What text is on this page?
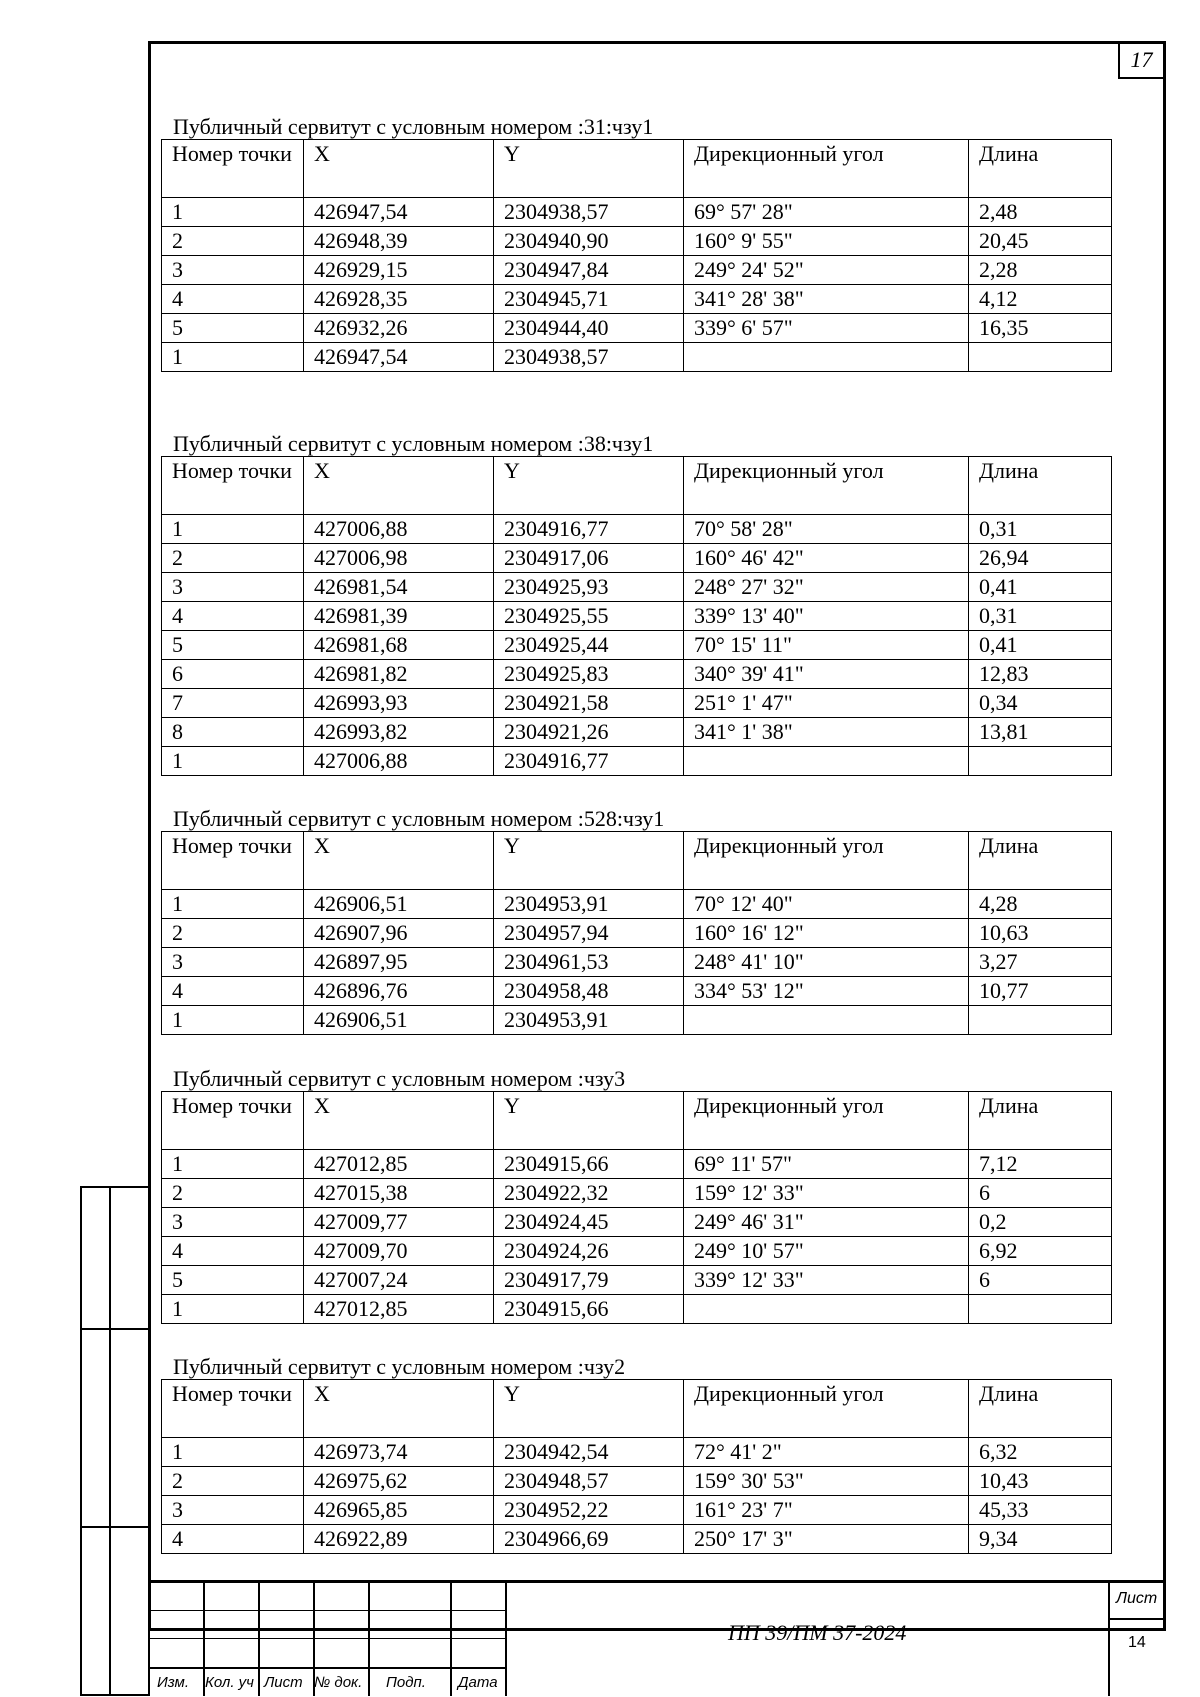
17
Публичный сервитут с условным номером :31:чзу1
Номер точки	X	Y	Дирекционный угол	Длина
1	426947,54	2304938,57	69° 57' 28"	2,48
2	426948,39	2304940,90	160° 9' 55"	20,45
3	426929,15	2304947,84	249° 24' 52"	2,28
4	426928,35	2304945,71	341° 28' 38"	4,12
5	426932,26	2304944,40	339° 6' 57"	16,35
1	426947,54	2304938,57		
Публичный сервитут с условным номером :38:чзу1
Номер точки	X	Y	Дирекционный угол	Длина
1	427006,88	2304916,77	70° 58' 28"	0,31
2	427006,98	2304917,06	160° 46' 42"	26,94
3	426981,54	2304925,93	248° 27' 32"	0,41
4	426981,39	2304925,55	339° 13' 40"	0,31
5	426981,68	2304925,44	70° 15' 11"	0,41
6	426981,82	2304925,83	340° 39' 41"	12,83
7	426993,93	2304921,58	251° 1' 47"	0,34
8	426993,82	2304921,26	341° 1' 38"	13,81
1	427006,88	2304916,77		
Публичный сервитут с условным номером :528:чзу1
Номер точки	X	Y	Дирекционный угол	Длина
1	426906,51	2304953,91	70° 12' 40"	4,28
2	426907,96	2304957,94	160° 16' 12"	10,63
3	426897,95	2304961,53	248° 41' 10"	3,27
4	426896,76	2304958,48	334° 53' 12"	10,77
1	426906,51	2304953,91		
Публичный сервитут с условным номером :чзу3
Номер точки	X	Y	Дирекционный угол	Длина
1	427012,85	2304915,66	69° 11' 57"	7,12
2	427015,38	2304922,32	159° 12' 33"	6
3	427009,77	2304924,45	249° 46' 31"	0,2
4	427009,70	2304924,26	249° 10' 57"	6,92
5	427007,24	2304917,79	339° 12' 33"	6
1	427012,85	2304915,66		
Публичный сервитут с условным номером :чзу2
Номер точки	X	Y	Дирекционный угол	Длина
1	426973,74	2304942,54	72° 41' 2"	6,32
2	426975,62	2304948,57	159° 30' 53"	10,43
3	426965,85	2304952,22	161° 23' 7"	45,33
4	426922,89	2304966,69	250° 17' 3"	9,34
Изм. Кол. уч Лист № док. Подп. Дата
ПП 39/ПМ 37-2024
Лист
14
